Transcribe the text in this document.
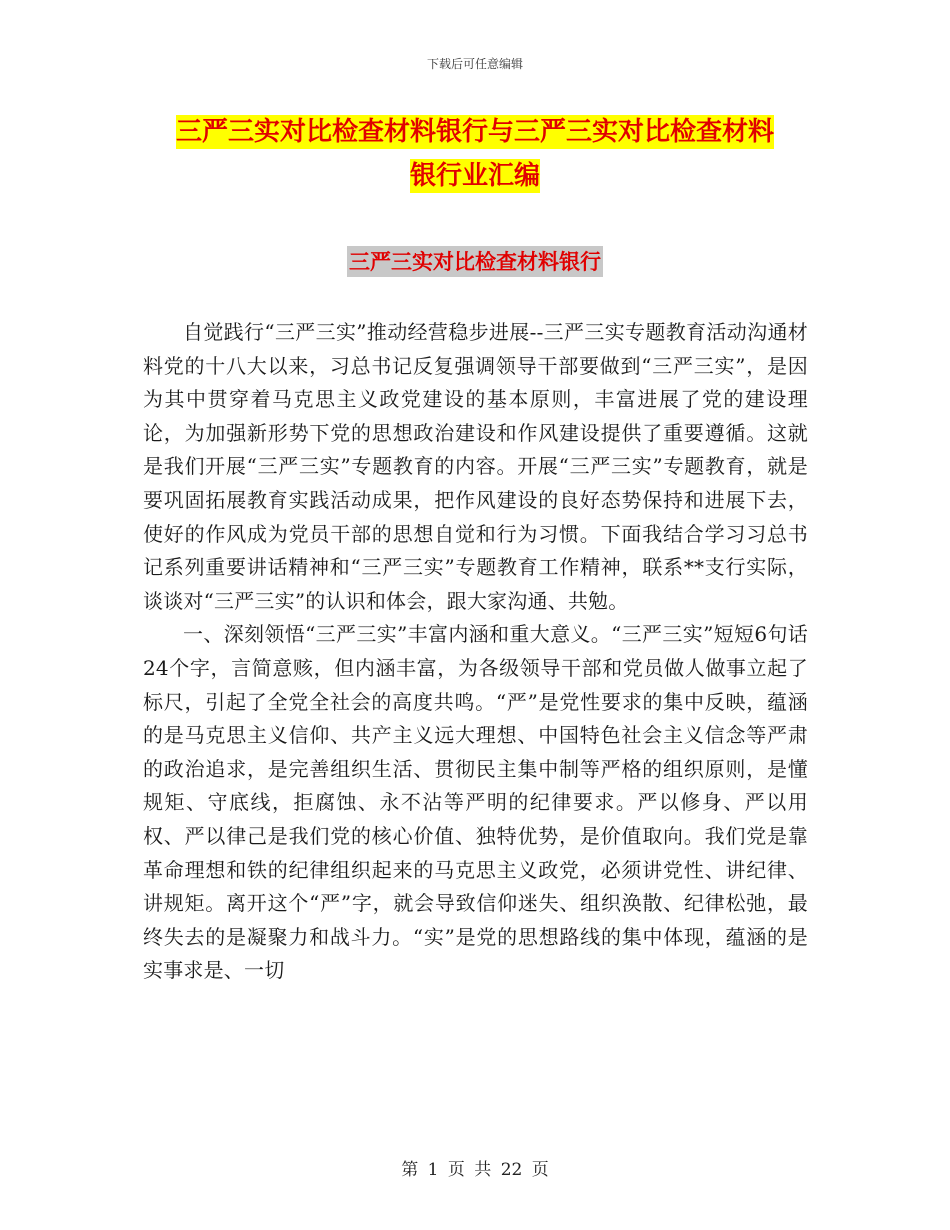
下载后可任意编辑
三严三实对比检查材料银行与三严三实对比检查材料
银行业汇编
三严三实对比检查材料银行

自觉践行“三严三实”推动经营稳步进展--三严三实专题教育活动沟通材料党的十八大以来，习总书记反复强调领导干部要做到“三严三实”，是因为其中贯穿着马克思主义政党建设的基本原则，丰富进展了党的建设理论，为加强新形势下党的思想政治建设和作风建设提供了重要遵循。这就是我们开展“三严三实”专题教育的内容。开展“三严三实”专题教育，就是要巩固拓展教育实践活动成果，把作风建设的良好态势保持和进展下去，使好的作风成为党员干部的思想自觉和行为习惯。下面我结合学习习总书记系列重要讲话精神和“三严三实”专题教育工作精神，联系**支行实际，谈谈对“三严三实”的认识和体会，跟大家沟通、共勉。

一、深刻领悟“三严三实”丰富内涵和重大意义。“三严三实”短短6句话24个字，言简意赅，但内涵丰富，为各级领导干部和党员做人做事立起了标尺，引起了全党全社会的高度共鸣。“严”是党性要求的集中反映，蕴涵的是马克思主义信仰、共产主义远大理想、中国特色社会主义信念等严肃的政治追求，是完善组织生活、贯彻民主集中制等严格的组织原则，是懂规矩、守底线，拒腐蚀、永不沾等严明的纪律要求。严以修身、严以用权、严以律己是我们党的核心价值、独特优势，是价值取向。我们党是靠革命理想和铁的纪律组织起来的马克思主义政党，必须讲党性、讲纪律、讲规矩。离开这个“严”字，就会导致信仰迷失、组织涣散、纪律松弛，最终失去的是凝聚力和战斗力。“实”是党的思想路线的集中体现，蕴涵的是实事求是、一切

第 1 页 共 22 页
